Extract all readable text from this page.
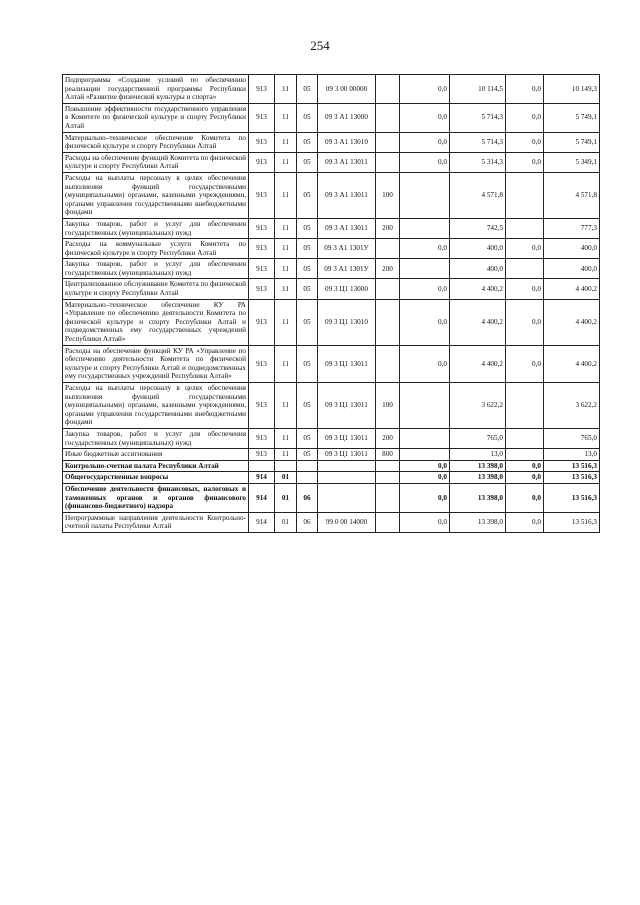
254
Подпрограмма «Создание условий по обеспечению реализации государственной программы Республики Алтай «Развитие физической культуры и спорта»	913	11	05	09 3 00 00000		0,0	10 114,5	0,0	10 149,3
Повышение эффективности государственного управления в Комитете по физической культуре и спорту Республики Алтай	913	11	05	09 3 А1 13000		0,0	5 714,3	0,0	5 749,1
Материально–техническое обеспечение Комитета по физической культуре и спорту Республики Алтай	913	11	05	09 3 А1 13010		0,0	5 714,3	0,0	5 749,1
Расходы на обеспечение функций Комитета по физической культуре и спорту Республики Алтай	913	11	05	09 3 А1 13011		0,0	5 314,3	0,0	5 349,1
Расходы на выплаты персоналу в целях обеспечения выполнения функций государственными (муниципальными) органами, казенными учреждениями, органами управления государственными внебюджетными фондами	913	11	05	09 3 А1 13011	100		4 571,8		4 571,8
Закупка товаров, работ и услуг для обеспечения государственных (муниципальных) нужд	913	11	05	09 3 А1 13011	200		742,5		777,3
Расходы на коммунальные услуги Комитета по физической культуре и спорту Республики Алтай	913	11	05	09 3 А1 1301У		0,0	400,0	0,0	400,0
Закупка товаров, работ и услуг для обеспечения государственных (муниципальных) нужд	913	11	05	09 3 А1 1301У	200		400,0		400,0
Централизованное обслуживание Комитета по физической культуре и спорту Республики Алтай	913	11	05	09 3 Ц1 13000		0,0	4 400,2	0,0	4 400,2
Материально–техническое обеспечение КУ РА «Управление по обеспечению деятельности Комитета по физической культуре и спорту Республики Алтай и подведомственных ему государственных учреждений Республики Алтай»	913	11	05	09 3 Ц1 13010		0,0	4 400,2	0,0	4 400,2
Расходы на обеспечение функций КУ РА «Управление по обеспечению деятельности Комитета по физической культуре и спорту Республики Алтай и подведомственных ему государственных учреждений Республики Алтай»	913	11	05	09 3 Ц1 13011		0,0	4 400,2	0,0	4 400,2
Расходы на выплаты персоналу в целях обеспечения выполнения функций государственными (муниципальными) органами, казенными учреждениями, органами управления государственными внебюджетными фондами	913	11	05	09 3 Ц1 13011	100		3 622,2		3 622,2
Закупка товаров, работ и услуг для обеспечения государственных (муниципальных) нужд	913	11	05	09 3 Ц1 13011	200		765,0		765,0
Иные бюджетные ассигнования	913	11	05	09 3 Ц1 13011	800		13,0		13,0
Контрольно-счетная палата Республики Алтай						0,0	13 398,0	0,0	13 516,3
Общегосударственные вопросы	914	01				0,0	13 398,0	0,0	13 516,3
Обеспечение деятельности финансовых, налоговых и таможенных органов и органов финансового (финансово-бюджетного) надзора	914	01	06			0,0	13 398,0	0,0	13 516,3
Непрограммные направления деятельности Контрольно-счетной палаты Республики Алтай	914	01	06	99 0 00 14000		0,0	13 398,0	0,0	13 516,3
